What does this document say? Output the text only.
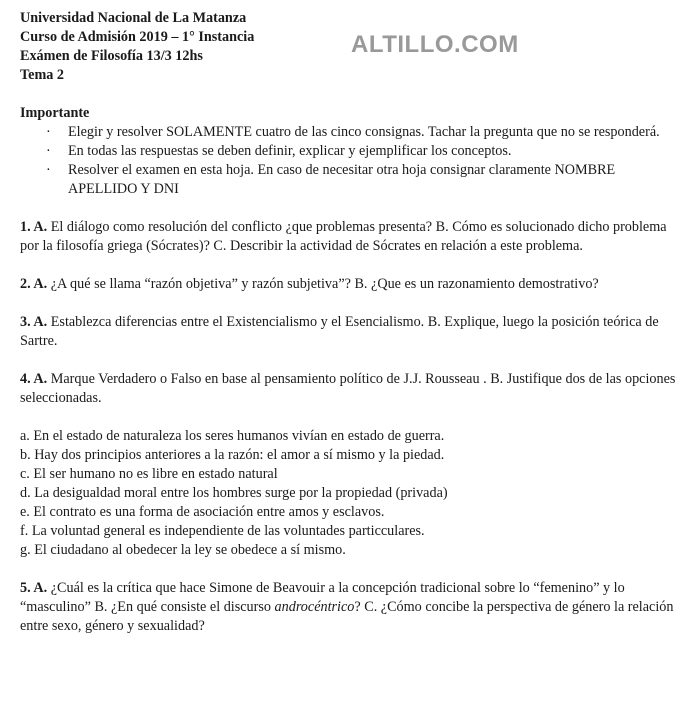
ALTILLO.COM
Universidad Nacional de La Matanza
Curso de Admisión 2019 – 1° Instancia
Exámen de Filosofía 13/3 12hs
Tema 2
Importante
· Elegir y resolver SOLAMENTE cuatro de las cinco consignas. Tachar la pregunta que no se responderá.
· En todas las respuestas se deben definir, explicar y ejemplificar los conceptos.
· Resolver el examen en esta hoja. En caso de necesitar otra hoja consignar claramente NOMBRE APELLIDO Y DNI
1. A. El diálogo como resolución del conflicto ¿que problemas presenta? B. Cómo es solucionado dicho problema por la filosofía griega (Sócrates)? C. Describir la actividad de Sócrates en relación a este problema.
2. A. ¿A qué se llama “razón objetiva” y razón subjetiva”? B. ¿Que es un razonamiento demostrativo?
3. A. Establezca diferencias entre el Existencialismo y el Esencialismo. B. Explique, luego la posición teórica de Sartre.
4. A. Marque Verdadero o Falso en base al pensamiento político de J.J. Rousseau . B. Justifique dos de las opciones seleccionadas.
a. En el estado de naturaleza los seres humanos vivían en estado de guerra.
b. Hay dos principios anteriores a la razón: el amor a sí mismo y la piedad.
c. El ser humano no es libre en estado natural
d. La desigualdad moral entre los hombres surge por la propiedad (privada)
e. El contrato es una forma de asociación entre amos y esclavos.
f. La voluntad general es independiente de las voluntades particculares.
g. El ciudadano al obedecer la ley se obedece a sí mismo.
5. A. ¿Cuál es la crítica que hace Simone de Beavouir a la concepción tradicional sobre lo “femenino” y lo “masculino” B. ¿En qué consiste el discurso androcéntrico? C. ¿Cómo concibe la perspectiva de género la relación entre sexo, género y sexualidad?
